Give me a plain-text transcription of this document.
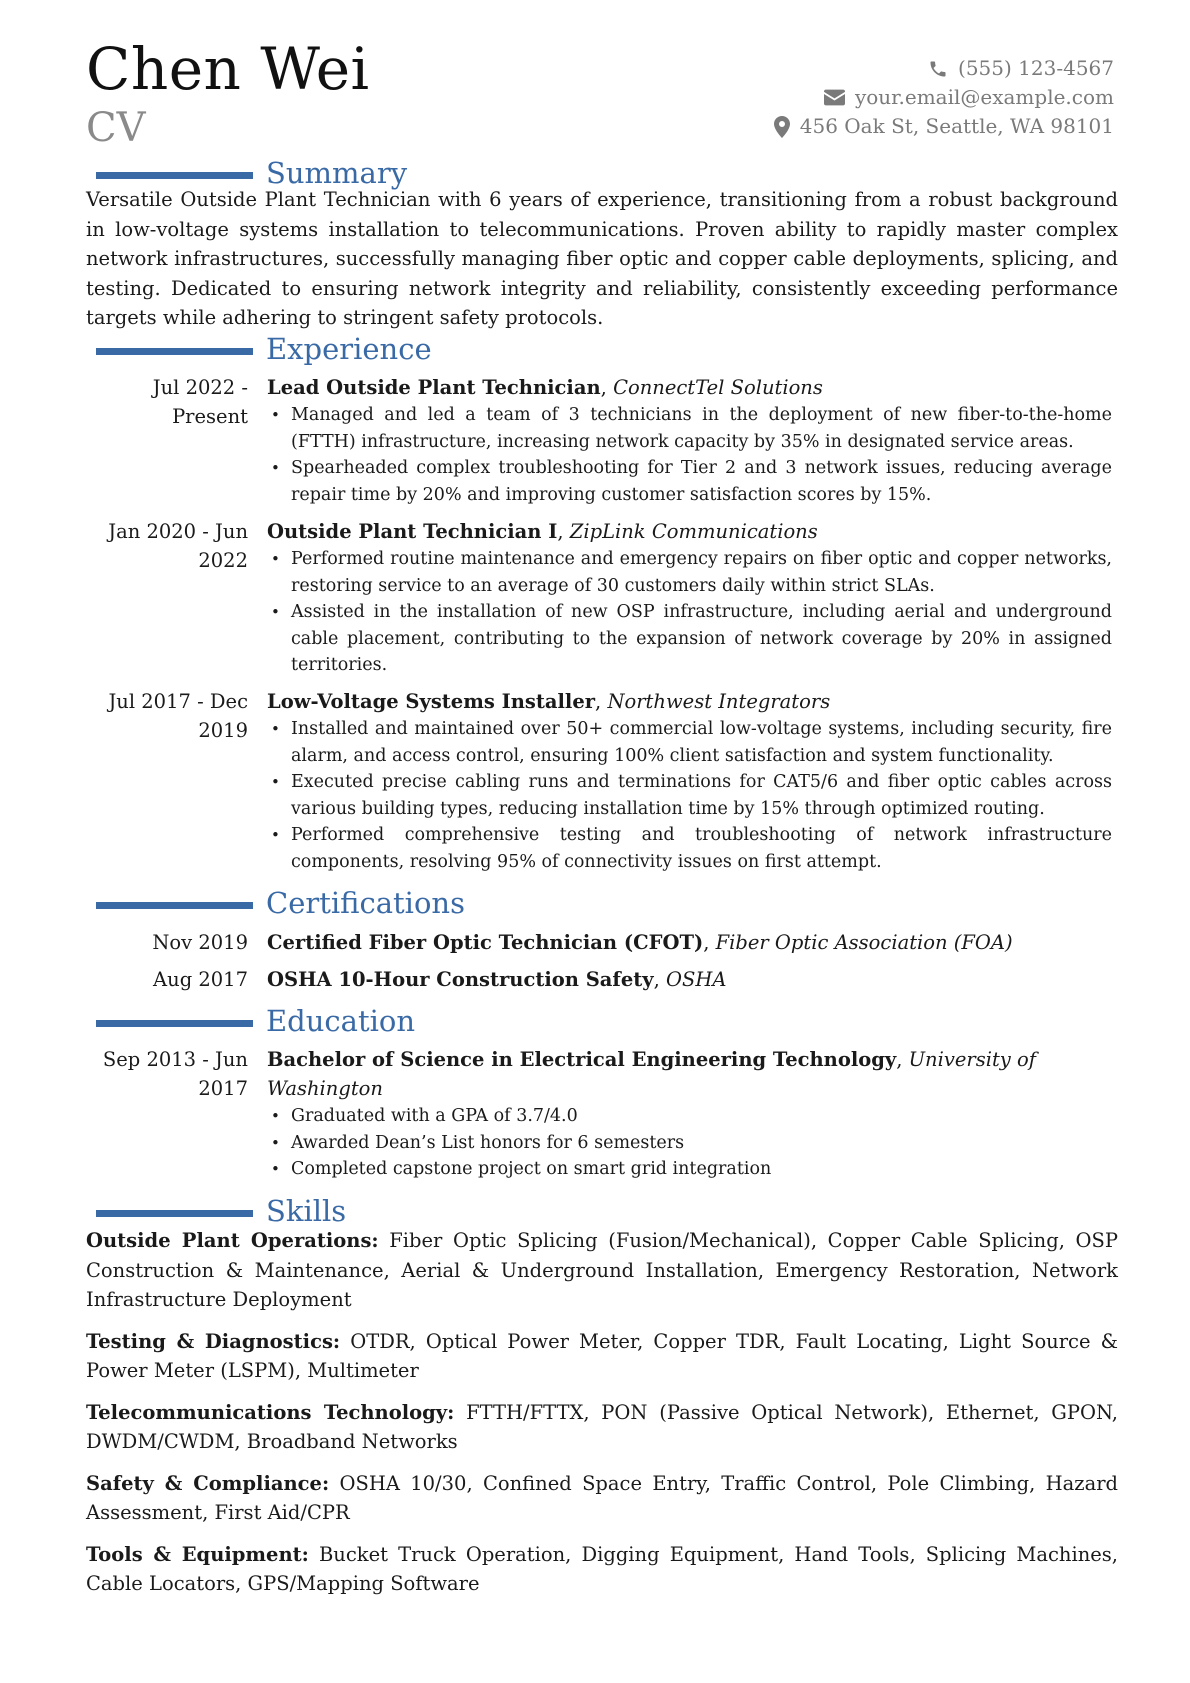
Chen Wei
CV
(555) 123-4567
your.email@example.com
456 Oak St, Seattle, WA 98101
Summary
Versatile Outside Plant Technician with 6 years of experience, transitioning from a robust background in low-voltage systems installation to telecommunications. Proven ability to rapidly master complex network infrastructures, successfully managing fiber optic and copper cable deployments, splicing, and testing. Dedicated to ensuring network integrity and reliability, consistently exceeding performance targets while adhering to stringent safety protocols.
Experience
Jul 2022 - Present
Lead Outside Plant Technician, ConnectTel Solutions
• Managed and led a team of 3 technicians in the deployment of new fiber-to-the-home (FTTH) infrastructure, increasing network capacity by 35% in designated service areas.
• Spearheaded complex troubleshooting for Tier 2 and 3 network issues, reducing average repair time by 20% and improving customer satisfaction scores by 15%.
Jan 2020 - Jun 2022
Outside Plant Technician I, ZipLink Communications
• Performed routine maintenance and emergency repairs on fiber optic and copper networks, restoring service to an average of 30 customers daily within strict SLAs.
• Assisted in the installation of new OSP infrastructure, including aerial and underground cable placement, contributing to the expansion of network coverage by 20% in assigned territories.
Jul 2017 - Dec 2019
Low-Voltage Systems Installer, Northwest Integrators
• Installed and maintained over 50+ commercial low-voltage systems, including security, fire alarm, and access control, ensuring 100% client satisfaction and system functionality.
• Executed precise cabling runs and terminations for CAT5/6 and fiber optic cables across various building types, reducing installation time by 15% through optimized routing.
• Performed comprehensive testing and troubleshooting of network infrastructure components, resolving 95% of connectivity issues on first attempt.
Certifications
Nov 2019 Certified Fiber Optic Technician (CFOT), Fiber Optic Association (FOA)
Aug 2017 OSHA 10-Hour Construction Safety, OSHA
Education
Sep 2013 - Jun 2017
Bachelor of Science in Electrical Engineering Technology, University of Washington
• Graduated with a GPA of 3.7/4.0
• Awarded Dean’s List honors for 6 semesters
• Completed capstone project on smart grid integration
Skills
Outside Plant Operations: Fiber Optic Splicing (Fusion/Mechanical), Copper Cable Splicing, OSP Construction & Maintenance, Aerial & Underground Installation, Emergency Restoration, Network Infrastructure Deployment
Testing & Diagnostics: OTDR, Optical Power Meter, Copper TDR, Fault Locating, Light Source & Power Meter (LSPM), Multimeter
Telecommunications Technology: FTTH/FTTX, PON (Passive Optical Network), Ethernet, GPON, DWDM/CWDM, Broadband Networks
Safety & Compliance: OSHA 10/30, Confined Space Entry, Traffic Control, Pole Climbing, Hazard Assessment, First Aid/CPR
Tools & Equipment: Bucket Truck Operation, Digging Equipment, Hand Tools, Splicing Machines, Cable Locators, GPS/Mapping Software
